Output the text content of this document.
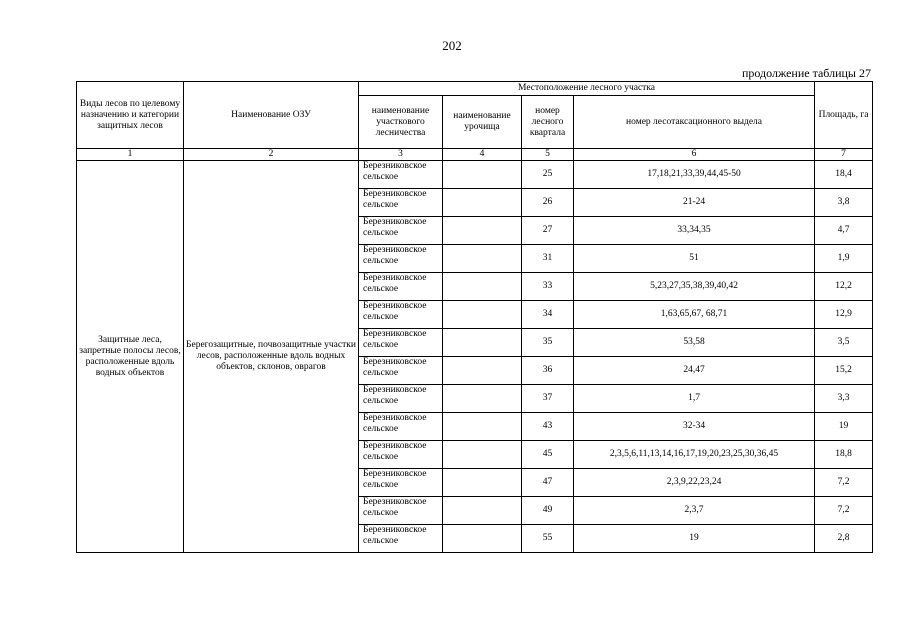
202
продолжение таблицы 27
Виды лесов по целевому назначению и категории защитных лесов	Наименование ОЗУ	Местоположение лесного участка				Площадь, га
		наименование участкового лесничества	наименование урочища	номер лесного квартала	номер лесотаксационного выдела	
1	2	3	4	5	6	7
Защитные леса, запретные полосы лесов, расположенные вдоль водных объектов	Берегозащитные, почвозащитные участки лесов, расположенные вдоль водных объектов, склонов, оврагов	Березниковское сельское		25	17,18,21,33,39,44,45-50	18,4
		Березниковское сельское		26	21-24	3,8
		Березниковское сельское		27	33,34,35	4,7
		Березниковское сельское		31	51	1,9
		Березниковское сельское		33	5,23,27,35,38,39,40,42	12,2
		Березниковское сельское		34	1,63,65,67, 68,71	12,9
		Березниковское сельское		35	53,58	3,5
		Березниковское сельское		36	24,47	15,2
		Березниковское сельское		37	1,7	3,3
		Березниковское сельское		43	32-34	19
		Березниковское сельское		45	2,3,5,6,11,13,14,16,17,19,20,23,25,30,36,45	18,8
		Березниковское сельское		47	2,3,9,22,23,24	7,2
		Березниковское сельское		49	2,3,7	7,2
		Березниковское сельское		55	19	2,8
